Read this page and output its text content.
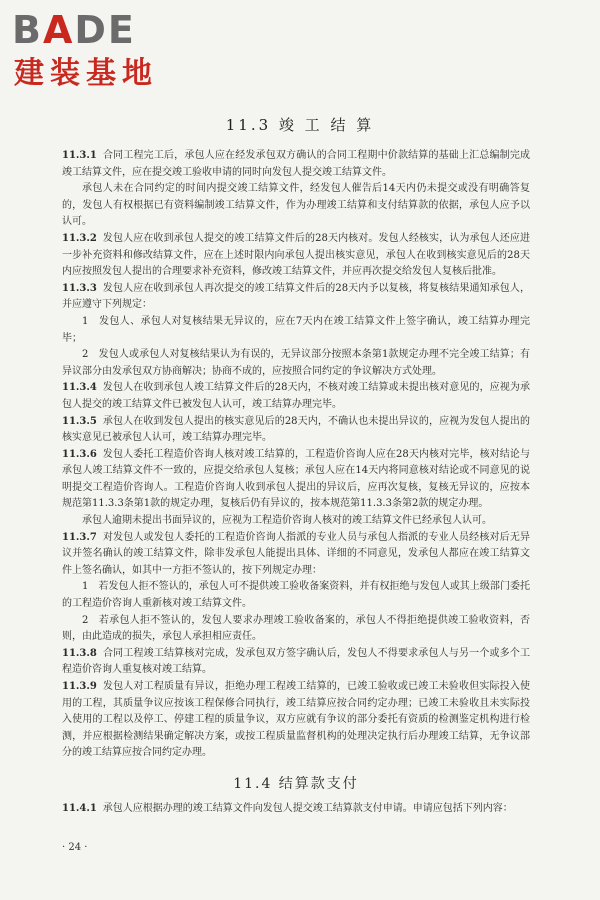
BADE
建装基地
11.3 竣 工 结 算

11.3.1 合同工程完工后，承包人应在经发承包双方确认的合同工程期中价款结算的基础上汇总编制完成竣工结算文件，应在提交竣工验收申请的同时向发包人提交竣工结算文件。

承包人未在合同约定的时间内提交竣工结算文件，经发包人催告后14天内仍未提交或没有明确答复的，发包人有权根据已有资料编制竣工结算文件，作为办理竣工结算和支付结算款的依据，承包人应予以认可。

11.3.2 发包人应在收到承包人提交的竣工结算文件后的28天内核对。发包人经核实，认为承包人还应进一步补充资料和修改结算文件，应在上述时限内向承包人提出核实意见，承包人在收到核实意见后的28天内应按照发包人提出的合理要求补充资料，修改竣工结算文件，并应再次提交给发包人复核后批准。

11.3.3 发包人应在收到承包人再次提交的竣工结算文件后的28天内予以复核，将复核结果通知承包人，并应遵守下列规定：

1　发包人、承包人对复核结果无异议的，应在7天内在竣工结算文件上签字确认，竣工结算办理完毕；

2　发包人或承包人对复核结果认为有误的，无异议部分按照本条第1款规定办理不完全竣工结算；有异议部分由发承包双方协商解决；协商不成的，应按照合同约定的争议解决方式处理。

11.3.4 发包人在收到承包人竣工结算文件后的28天内，不核对竣工结算或未提出核对意见的，应视为承包人提交的竣工结算文件已被发包人认可，竣工结算办理完毕。

11.3.5 承包人在收到发包人提出的核实意见后的28天内，不确认也未提出异议的，应视为发包人提出的核实意见已被承包人认可，竣工结算办理完毕。

11.3.6 发包人委托工程造价咨询人核对竣工结算的，工程造价咨询人应在28天内核对完毕，核对结论与承包人竣工结算文件不一致的，应提交给承包人复核；承包人应在14天内将同意核对结论或不同意见的说明提交工程造价咨询人。工程造价咨询人收到承包人提出的异议后，应再次复核，复核无异议的，应按本规范第11.3.3条第1款的规定办理，复核后仍有异议的，按本规范第11.3.3条第2款的规定办理。

承包人逾期未提出书面异议的，应视为工程造价咨询人核对的竣工结算文件已经承包人认可。

11.3.7 对发包人或发包人委托的工程造价咨询人指派的专业人员与承包人指派的专业人员经核对后无异议并签名确认的竣工结算文件，除非发承包人能提出具体、详细的不同意见，发承包人都应在竣工结算文件上签名确认，如其中一方拒不签认的，按下列规定办理：

1　若发包人拒不签认的，承包人可不提供竣工验收备案资料，并有权拒绝与发包人或其上级部门委托的工程造价咨询人重新核对竣工结算文件。

2　若承包人拒不签认的，发包人要求办理竣工验收备案的，承包人不得拒绝提供竣工验收资料，否则，由此造成的损失，承包人承担相应责任。

11.3.8 合同工程竣工结算核对完成，发承包双方签字确认后，发包人不得要求承包人与另一个或多个工程造价咨询人重复核对竣工结算。

11.3.9 发包人对工程质量有异议，拒绝办理工程竣工结算的，已竣工验收或已竣工未验收但实际投入使用的工程，其质量争议应按该工程保修合同执行，竣工结算应按合同约定办理；已竣工未验收且未实际投入使用的工程以及停工、停建工程的质量争议，双方应就有争议的部分委托有资质的检测鉴定机构进行检测，并应根据检测结果确定解决方案，或按工程质量监督机构的处理决定执行后办理竣工结算，无争议部分的竣工结算应按合同约定办理。

11.4 结算款支付

11.4.1 承包人应根据办理的竣工结算文件向发包人提交竣工结算款支付申请。申请应包括下列内容：

· 24 ·
